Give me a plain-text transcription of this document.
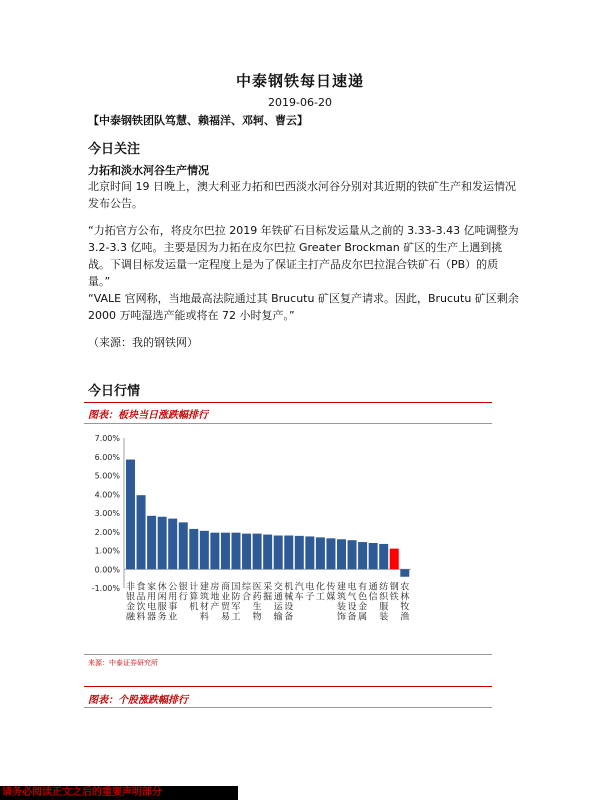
中泰钢铁每日速递
2019-06-20
【中泰钢铁团队笃慧、赖福洋、邓轲、曹云】
今日关注
力拓和淡水河谷生产情况
北京时间 19 日晚上，澳大利亚力拓和巴西淡水河谷分别对其近期的铁矿生产和发运情况发布公告。
“力拓官方公布，将皮尔巴拉 2019 年铁矿石目标发运量从之前的 3.33-3.43 亿吨调整为 3.2-3.3 亿吨。主要是因为力拓在皮尔巴拉 Greater Brockman 矿区的生产上遇到挑战。下调目标发运量一定程度上是为了保证主打产品皮尔巴拉混合铁矿石（PB）的质量。”
“VALE 官网称，当地最高法院通过其 Brucutu 矿区复产请求。因此，Brucutu 矿区剩余 2000 万吨湿选产能或将在 72 小时复产。”
（来源：我的钢铁网）
今日行情
图表：板块当日涨跌幅排行
7.00%
6.00%
5.00%
4.00%
3.00%
2.00%
1.00%
0.00%
-1.00% 非银金融
食品饮料
家用电器
休闲服务
公用事业
银行
计算机
建筑材料
房地产
商业贸易
国防军工
综合
医药生物
采掘
交通运输
机械设备
汽车
电子
化工
传媒
建筑装饰
电气设备
有色金属
通信
纺织服装
钢铁
农林牧渔
来源：中泰证券研究所
图表：个股涨跌幅排行
请务必阅读正文之后的重要声明部分
